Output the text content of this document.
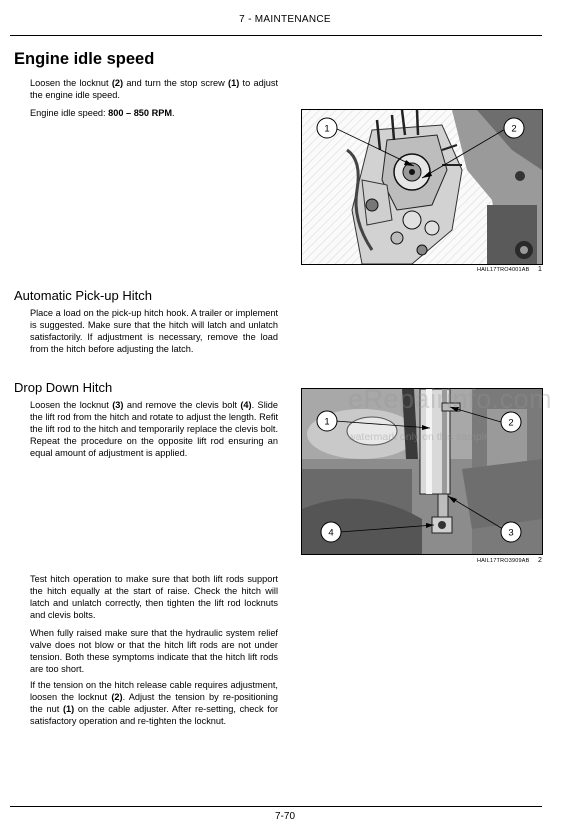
7 - MAINTENANCE
Engine idle speed
Loosen the locknut (2) and turn the stop screw (1) to adjust the engine idle speed.
Engine idle speed: 800 – 850 RPM.
1	2
HAIL17TRO4001AB 1
Automatic Pick-up Hitch
Place a load on the pick-up hitch hook. A trailer or implement is suggested. Make sure that the hitch will latch and unlatch satisfactorily. If adjustment is necessary, remove the load from the hitch before adjusting the latch.
Drop Down Hitch
Loosen the locknut (3) and remove the clevis bolt (4). Slide the lift rod from the hitch and rotate to adjust the length. Refit the lift rod to the hitch and temporarily replace the clevis bolt. Repeat the procedure on the opposite lift rod ensuring an equal amount of adjustment is applied.
1	2
3
4
HAIL17TRO3909AB 2
eRepairinfo.com
watermark only on this sample
Test hitch operation to make sure that both lift rods support the hitch equally at the start of raise. Check the hitch will latch and unlatch correctly, then tighten the lift rod locknuts and clevis bolts.
When fully raised make sure that the hydraulic system relief valve does not blow or that the hitch lift rods are not under tension. Both these symptoms indicate that the hitch lift rods are too short.
If the tension on the hitch release cable requires adjustment, loosen the locknut (2). Adjust the tension by re-positioning the nut (1) on the cable adjuster. After re-setting, check for satisfactory operation and re-tighten the locknut.
7-70
